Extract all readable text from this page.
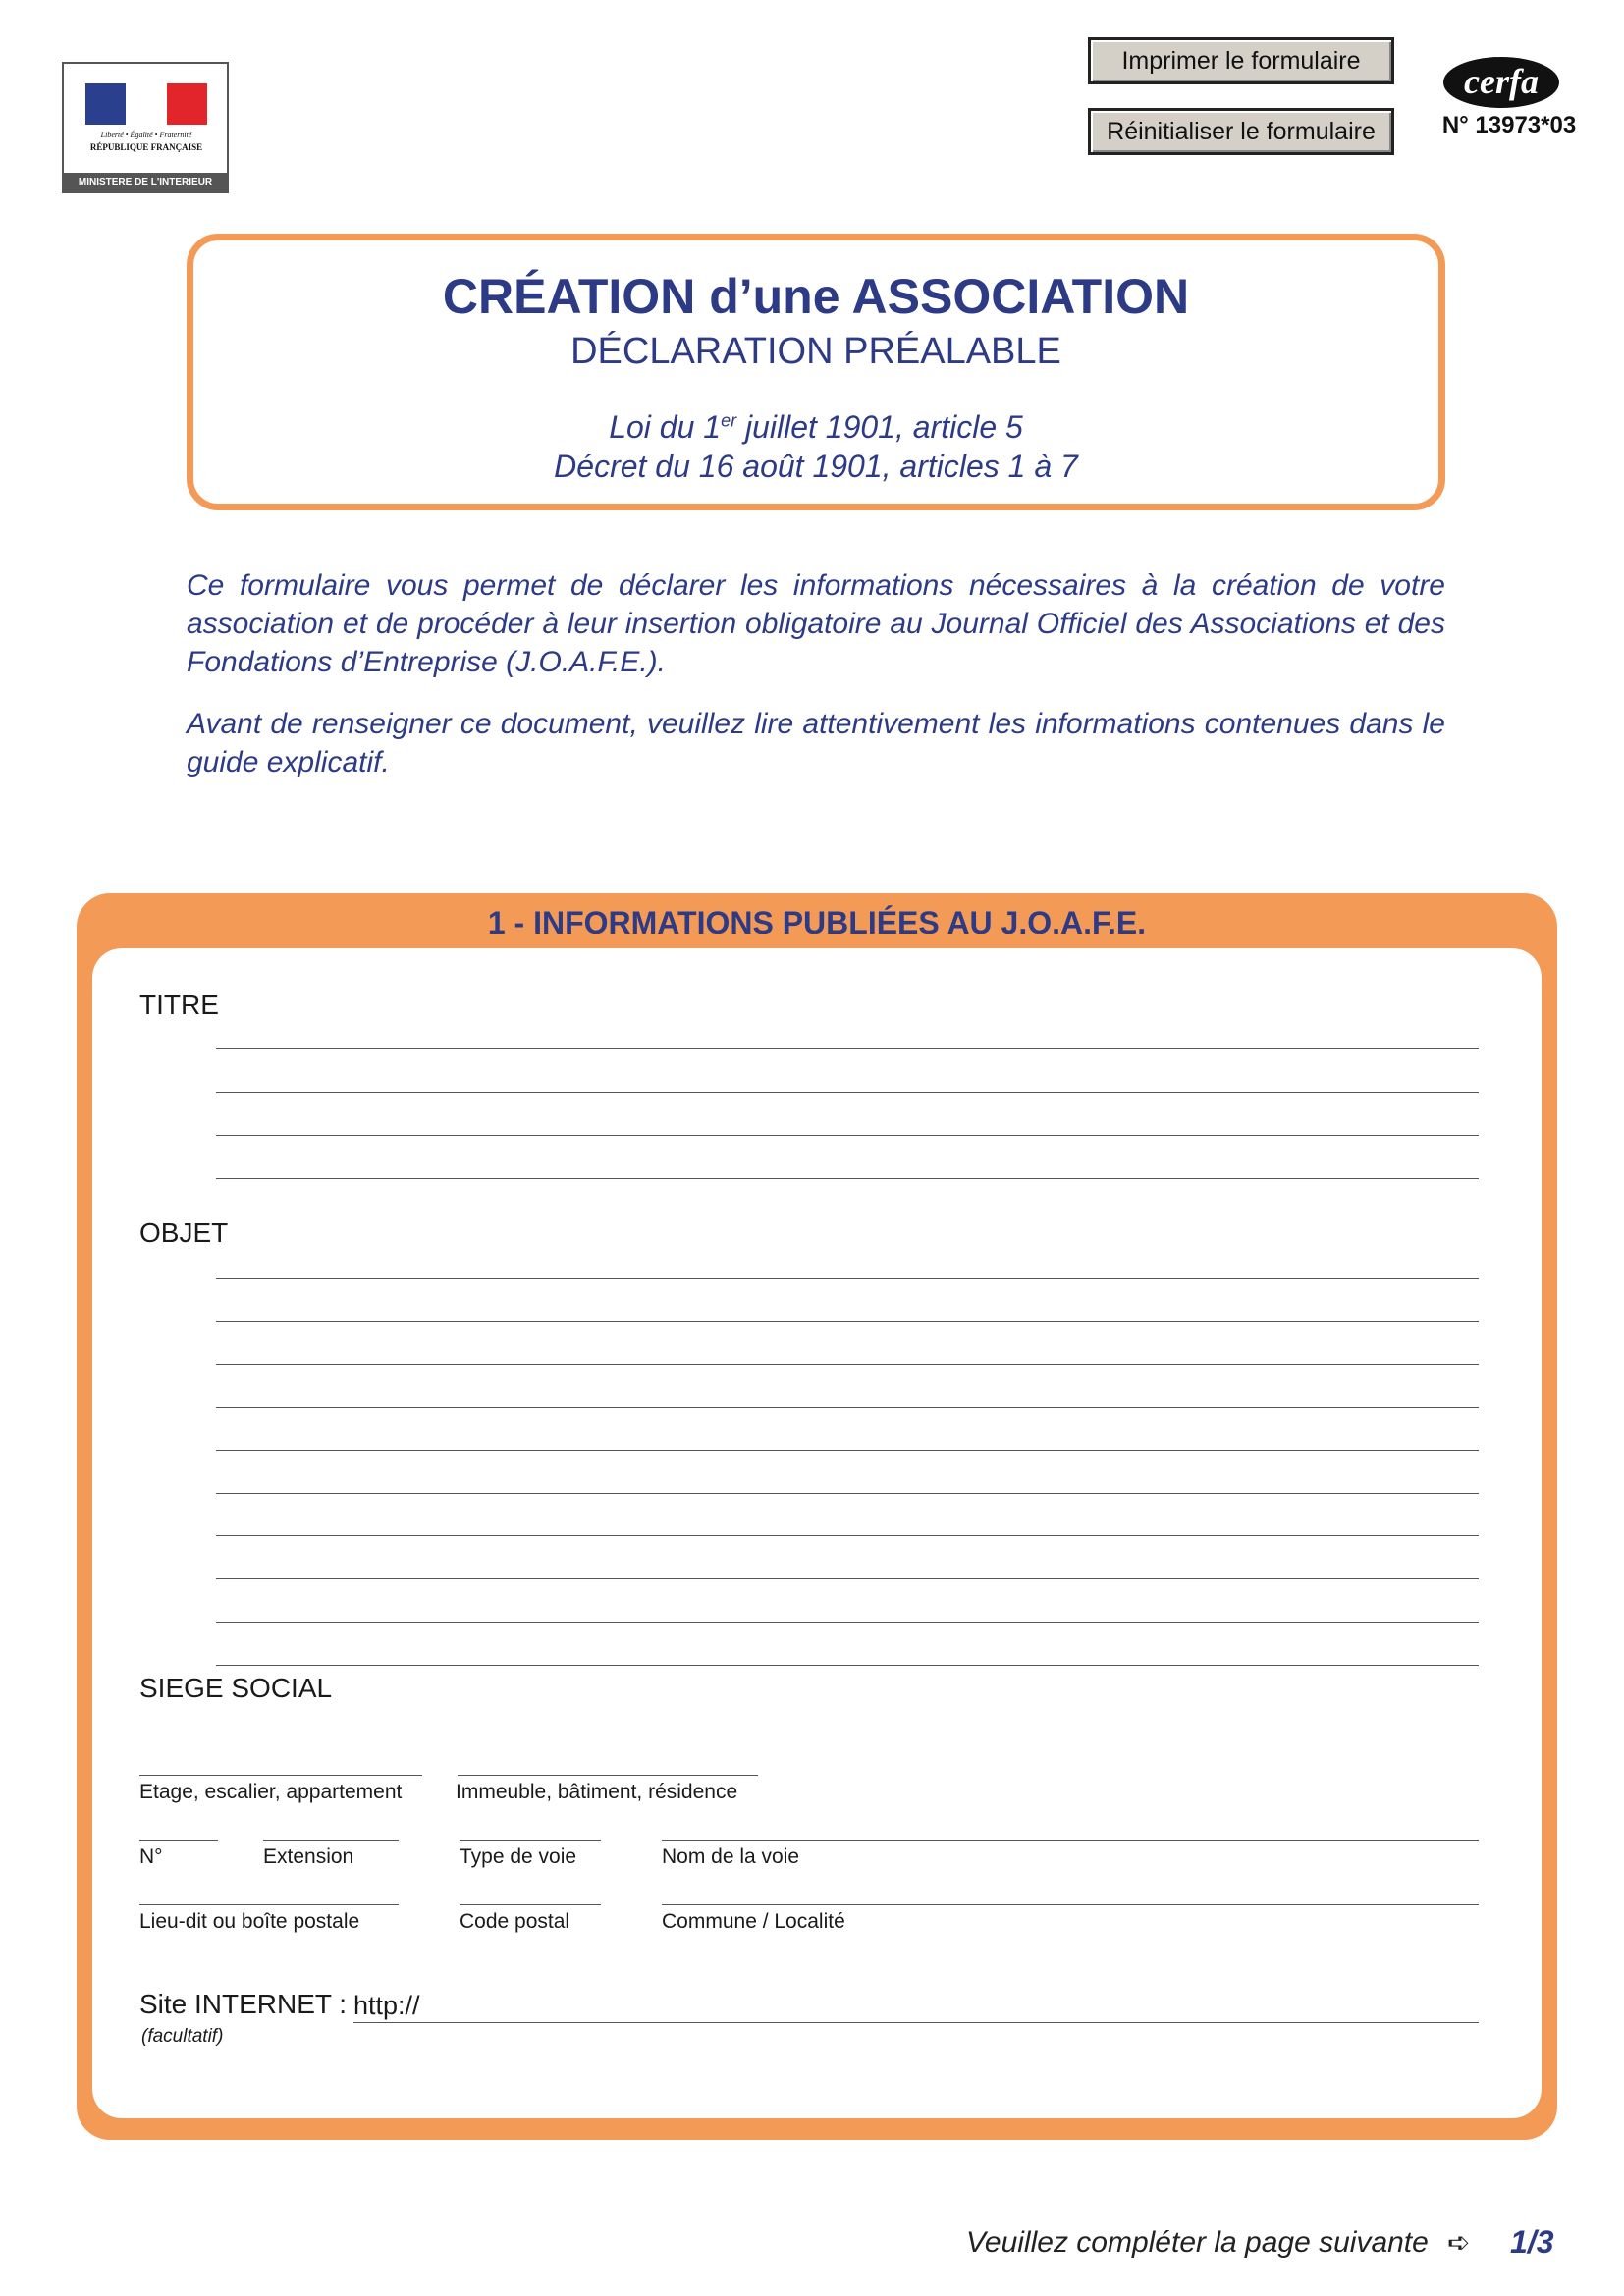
Liberté • Égalité • Fraternité
RÉPUBLIQUE FRANÇAISE
MINISTERE DE L'INTERIEUR
Imprimer le formulaire
Réinitialiser le formulaire
cerfa
N° 13973*03
CRÉATION d’une ASSOCIATION
DÉCLARATION PRÉALABLE
Loi du 1er juillet 1901, article 5
Décret du 16 août 1901, articles 1 à 7

Ce formulaire vous permet de déclarer les informations nécessaires à la création de votre association et de procéder à leur insertion obligatoire au Journal Officiel des Associations et des Fondations d’Entreprise (J.O.A.F.E.).

Avant de renseigner ce document, veuillez lire attentivement les informations contenues dans le guide explicatif.

1 - INFORMATIONS PUBLIÉES AU J.O.A.F.E.
TITRE
OBJET
SIEGE SOCIAL
Etage, escalier, appartement	Immeuble, bâtiment, résidence
N°	Extension	Type de voie	Nom de la voie
Lieu-dit ou boîte postale	Code postal	Commune / Localité
Site INTERNET : http://
(facultatif)
Veuillez compléter la page suivante ➪ 1/3
